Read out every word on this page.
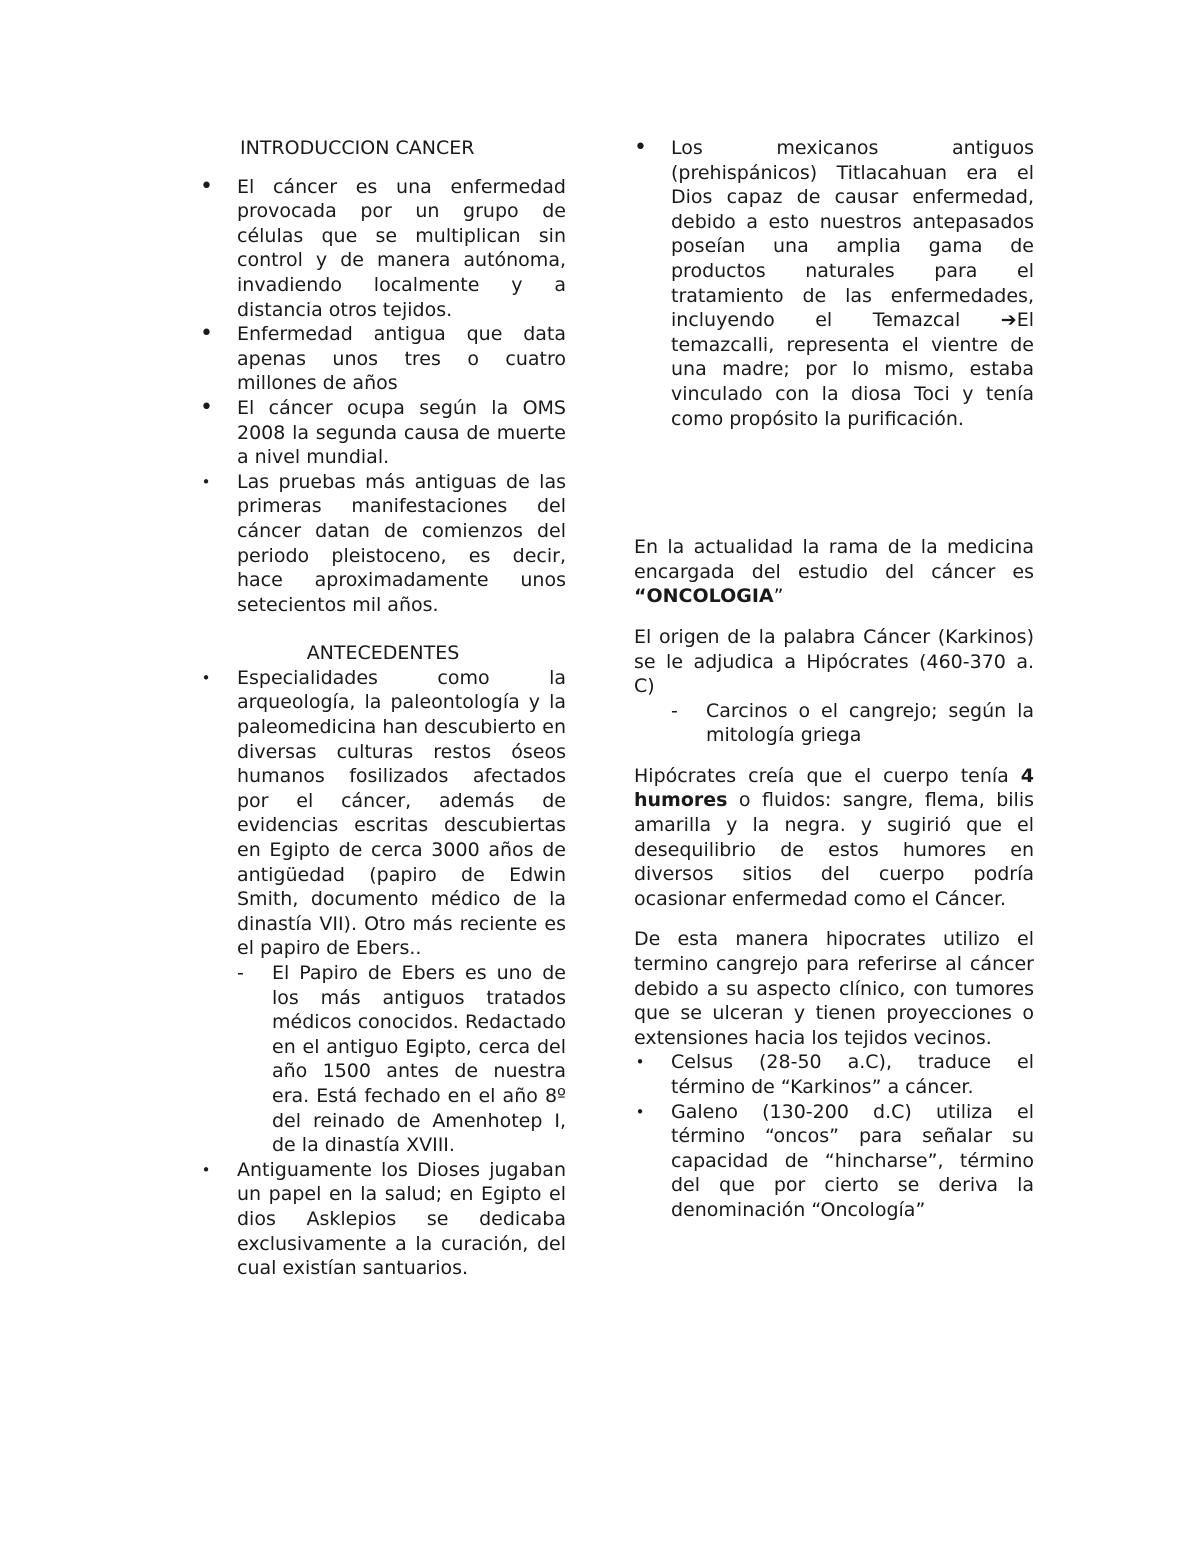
INTRODUCCION CANCER

• El cáncer es una enfermedad provocada por un grupo de células que se multiplican sin control y de manera autónoma, invadiendo localmente y a distancia otros tejidos.
• Enfermedad antigua que data apenas unos tres o cuatro millones de años
• El cáncer ocupa según la OMS 2008 la segunda causa de muerte a nivel mundial.
• Las pruebas más antiguas de las primeras manifestaciones del cáncer datan de comienzos del periodo pleistoceno, es decir, hace aproximadamente unos setecientos mil años.

ANTECEDENTES

• Especialidades como la arqueología, la paleontología y la paleomedicina han descubierto en diversas culturas restos óseos humanos fosilizados afectados por el cáncer, además de evidencias escritas descubiertas en Egipto de cerca 3000 años de antigüedad (papiro de Edwin Smith, documento médico de la dinastía VII). Otro más reciente es el papiro de Ebers..
- El Papiro de Ebers es uno de los más antiguos tratados médicos conocidos. Redactado en el antiguo Egipto, cerca del año 1500 antes de nuestra era. Está fechado en el año 8º del reinado de Amenhotep I, de la dinastía XVIII.
• Antiguamente los Dioses jugaban un papel en la salud; en Egipto el dios Asklepios se dedicaba exclusivamente a la curación, del cual existían santuarios.
• Los mexicanos antiguos (prehispánicos) Titlacahuan era el Dios capaz de causar enfermedad, debido a esto nuestros antepasados poseían una amplia gama de productos naturales para el tratamiento de las enfermedades, incluyendo el Temazcal ➔El temazcalli, representa el vientre de una madre; por lo mismo, estaba vinculado con la diosa Toci y tenía como propósito la purificación.

En la actualidad la rama de la medicina encargada del estudio del cáncer es “ONCOLOGIA”

El origen de la palabra Cáncer (Karkinos) se le adjudica a Hipócrates (460-370 a. C)

- Carcinos o el cangrejo; según la mitología griega

Hipócrates creía que el cuerpo tenía 4 humores o fluidos: sangre, flema, bilis amarilla y la negra. y sugirió que el desequilibrio de estos humores en diversos sitios del cuerpo podría ocasionar enfermedad como el Cáncer.

De esta manera hipocrates utilizo el termino cangrejo para referirse al cáncer debido a su aspecto clínico, con tumores que se ulceran y tienen proyecciones o extensiones hacia los tejidos vecinos.

• Celsus (28-50 a.C), traduce el término de “Karkinos” a cáncer.
• Galeno (130-200 d.C) utiliza el término “oncos” para señalar su capacidad de “hincharse”, término del que por cierto se deriva la denominación “Oncología”
